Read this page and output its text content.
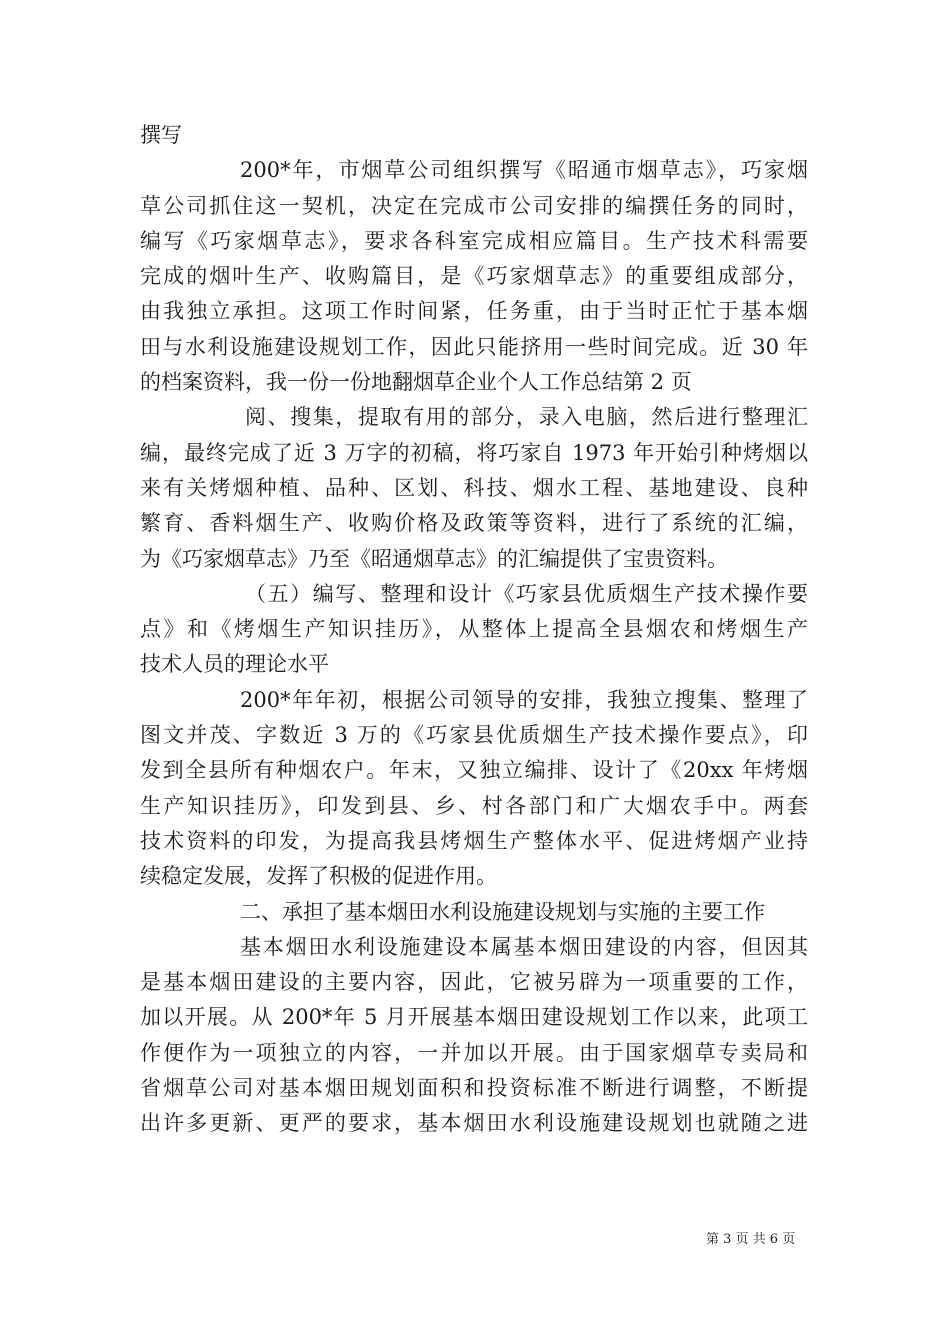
撰写
200*年，市烟草公司组织撰写《昭通市烟草志》，巧家烟
草公司抓住这一契机，决定在完成市公司安排的编撰任务的同时，
编写《巧家烟草志》，要求各科室完成相应篇目。生产技术科需要
完成的烟叶生产、收购篇目，是《巧家烟草志》的重要组成部分，
由我独立承担。这项工作时间紧，任务重，由于当时正忙于基本烟
田与水利设施建设规划工作，因此只能挤用一些时间完成。近 30 年
的档案资料，我一份一份地翻烟草企业个人工作总结第 2 页
阅、搜集，提取有用的部分，录入电脑，然后进行整理汇
编，最终完成了近 3 万字的初稿，将巧家自 1973 年开始引种烤烟以
来有关烤烟种植、品种、区划、科技、烟水工程、基地建设、良种
繁育、香料烟生产、收购价格及政策等资料，进行了系统的汇编，
为《巧家烟草志》乃至《昭通烟草志》的汇编提供了宝贵资料。
（五）编写、整理和设计《巧家县优质烟生产技术操作要
点》和《烤烟生产知识挂历》，从整体上提高全县烟农和烤烟生产
技术人员的理论水平
200*年年初，根据公司领导的安排，我独立搜集、整理了
图文并茂、字数近 3 万的《巧家县优质烟生产技术操作要点》，印
发到全县所有种烟农户。年末，又独立编排、设计了《20xx 年烤烟
生产知识挂历》，印发到县、乡、村各部门和广大烟农手中。两套
技术资料的印发，为提高我县烤烟生产整体水平、促进烤烟产业持
续稳定发展，发挥了积极的促进作用。
二、承担了基本烟田水利设施建设规划与实施的主要工作
基本烟田水利设施建设本属基本烟田建设的内容，但因其
是基本烟田建设的主要内容，因此，它被另辟为一项重要的工作，
加以开展。从 200*年 5 月开展基本烟田建设规划工作以来，此项工
作便作为一项独立的内容，一并加以开展。由于国家烟草专卖局和
省烟草公司对基本烟田规划面积和投资标准不断进行调整，不断提
出许多更新、更严的要求，基本烟田水利设施建设规划也就随之进
第 3 页 共 6 页
